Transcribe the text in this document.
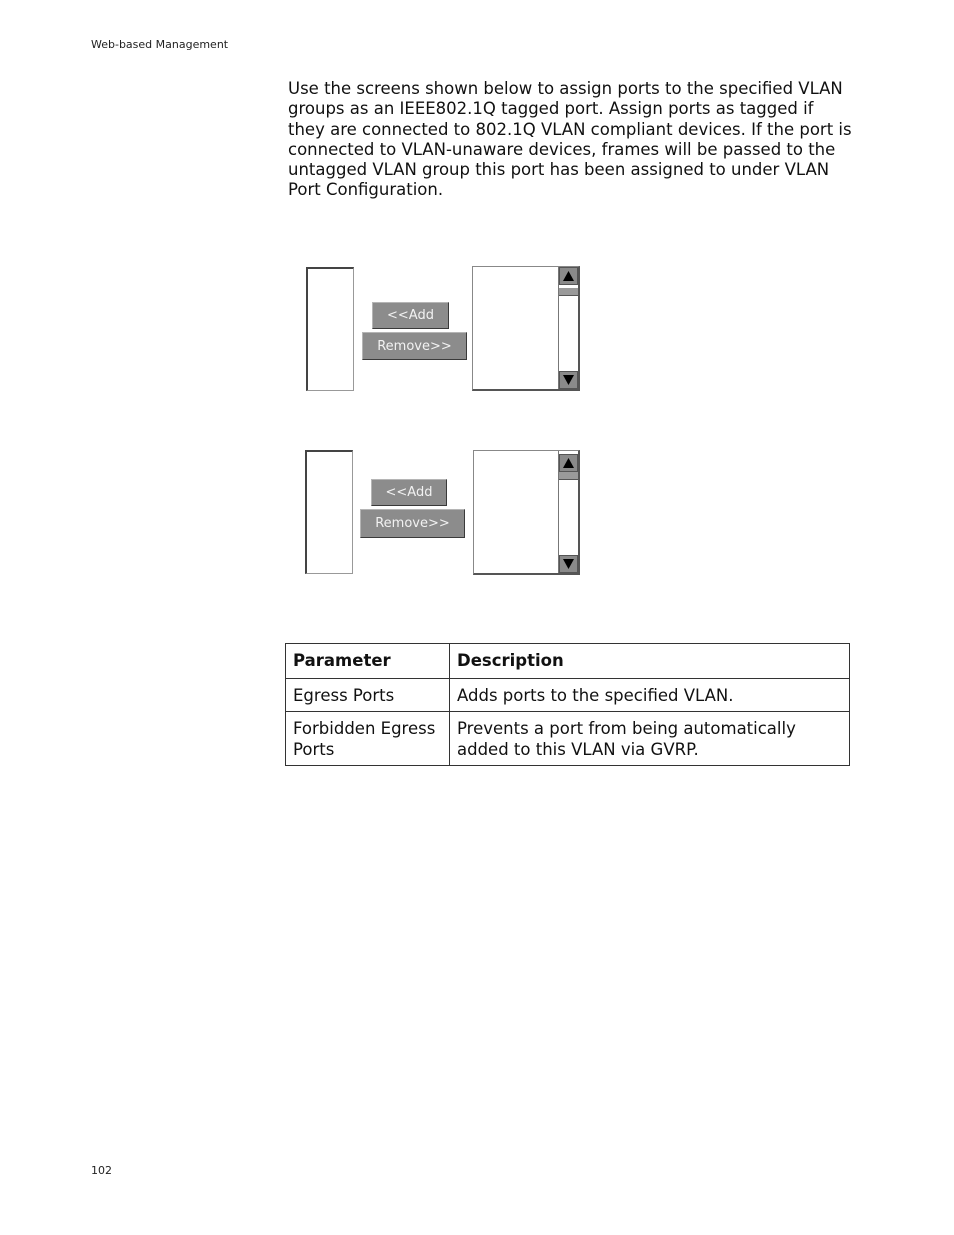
Web-based Management

Use the screens shown below to assign ports to the specified VLAN groups as an IEEE802.1Q tagged port. Assign ports as tagged if they are connected to 802.1Q VLAN compliant devices. If the port is connected to VLAN-unaware devices, frames will be passed to the untagged VLAN group this port has been assigned to under VLAN Port Configuration.

<<Add
Remove>>
<<Add
Remove>>
Parameter	Description
Egress Ports	Adds ports to the specified VLAN.
Forbidden Egress Ports	Prevents a port from being automatically added to this VLAN via GVRP.
102
